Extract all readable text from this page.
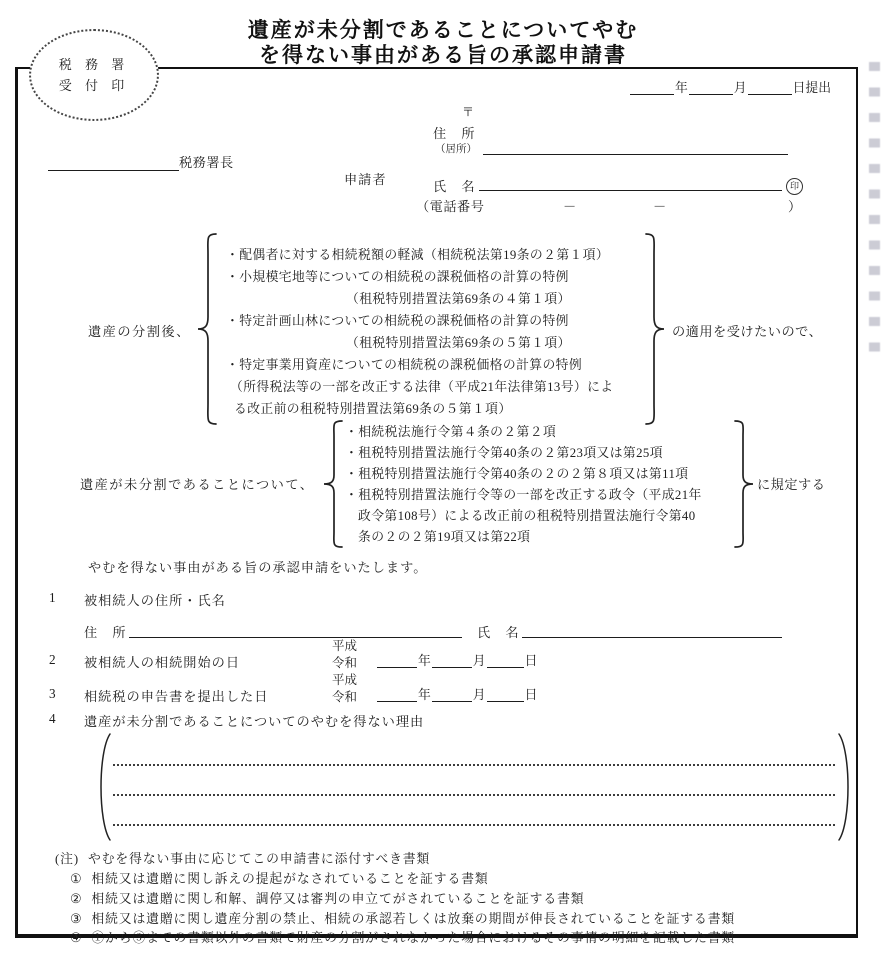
税 務 署
受 付 印
遺産が未分割であることについてやむ
を得ない事由がある旨の承認申請書
年	月	日提出
税務署長
申請者
〒
住　所
（居所）
氏　名	印
（電話番号	－	－	）
遺産の分割後、
・配偶者に対する相続税額の軽減（相続税法第19条の２第１項）
・小規模宅地等についての相続税の課税価格の計算の特例
（租税特別措置法第69条の４第１項）
・特定計画山林についての相続税の課税価格の計算の特例
（租税特別措置法第69条の５第１項）
・特定事業用資産についての相続税の課税価格の計算の特例
（所得税法等の一部を改正する法律（平成21年法律第13号）によ
る改正前の租税特別措置法第69条の５第１項）
の適用を受けたいので、
遺産が未分割であることについて、
・相続税法施行令第４条の２第２項
・租税特別措置法施行令第40条の２第23項又は第25項
・租税特別措置法施行令第40条の２の２第８項又は第11項
・租税特別措置法施行令等の一部を改正する政令（平成21年
政令第108号）による改正前の租税特別措置法施行令第40
条の２の２第19項又は第22項
に規定する
やむを得ない事由がある旨の承認申請をいたします。
1 被相続人の住所・氏名
住　所	氏　名
2 被相続人の相続開始の日
平成
令和	年	月	日
3 相続税の申告書を提出した日
平成
令和	年	月	日
4 遺産が未分割であることについてのやむを得ない理由
(注) やむを得ない事由に応じてこの申請書に添付すべき書類
① 相続又は遺贈に関し訴えの提起がなされていることを証する書類
② 相続又は遺贈に関し和解、調停又は審判の申立てがされていることを証する書類
③ 相続又は遺贈に関し遺産分割の禁止、相続の承認若しくは放棄の期間が伸長されていることを証する書類
④ ①から③までの書類以外の書類で財産の分割がされなかった場合におけるその事情の明細を記載した書類
